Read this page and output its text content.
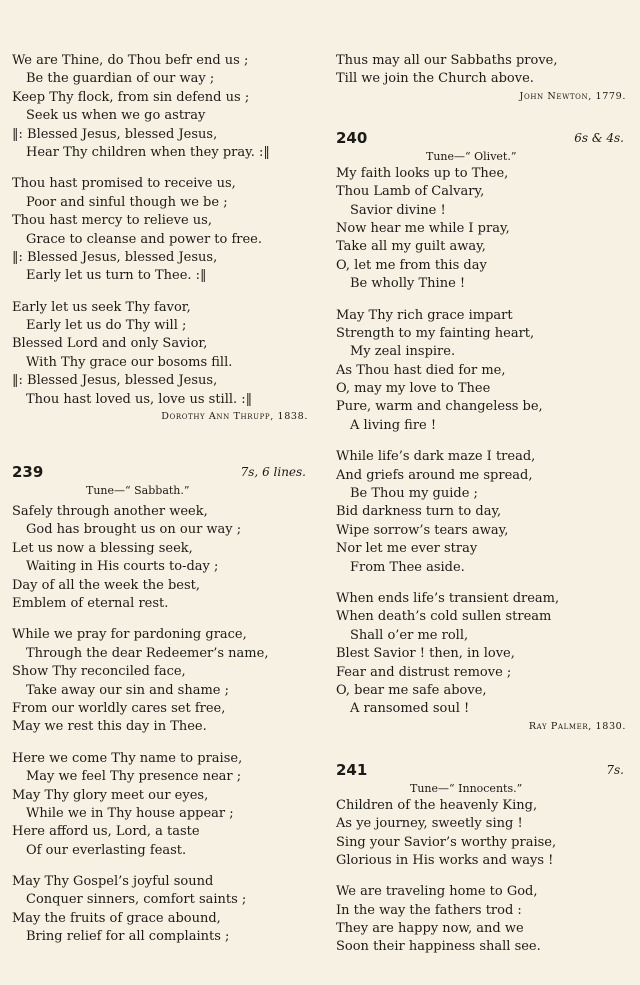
We are Thine, do Thou befr end us ;
Be the guardian of our way ;
Keep Thy flock, from sin defend us ;
Seek us when we go astray
‖: Blessed Jesus, blessed Jesus,
Hear Thy children when they pray. :‖
Thou hast promised to receive us,
Poor and sinful though we be ;
Thou hast mercy to relieve us,
Grace to cleanse and power to free.
‖: Blessed Jesus, blessed Jesus,
Early let us turn to Thee. :‖
Early let us seek Thy favor,
Early let us do Thy will ;
Blessed Lord and only Savior,
With Thy grace our bosoms fill.
‖: Blessed Jesus, blessed Jesus,
Thou hast loved us, love us still. :‖
Dorothy Ann Thrupp, 1838.
239	7s, 6 lines.
Tune—“ Sabbath.”
Safely through another week,
God has brought us on our way ;
Let us now a blessing seek,
Waiting in His courts to-day ;
Day of all the week the best,
Emblem of eternal rest.
While we pray for pardoning grace,
Through the dear Redeemer’s name,
Show Thy reconciled face,
Take away our sin and shame ;
From our worldly cares set free,
May we rest this day in Thee.
Here we come Thy name to praise,
May we feel Thy presence near ;
May Thy glory meet our eyes,
While we in Thy house appear ;
Here afford us, Lord, a taste
Of our everlasting feast.
May Thy Gospel’s joyful sound
Conquer sinners, comfort saints ;
May the fruits of grace abound,
Bring relief for all complaints ;
Thus may all our Sabbaths prove,
Till we join the Church above.
John Newton, 1779.
240	6s & 4s.
Tune—“ Olivet.”
My faith looks up to Thee,
Thou Lamb of Calvary,
Savior divine !
Now hear me while I pray,
Take all my guilt away,
O, let me from this day
Be wholly Thine !
May Thy rich grace impart
Strength to my fainting heart,
My zeal inspire.
As Thou hast died for me,
O, may my love to Thee
Pure, warm and changeless be,
A living fire !
While life’s dark maze I tread,
And griefs around me spread,
Be Thou my guide ;
Bid darkness turn to day,
Wipe sorrow’s tears away,
Nor let me ever stray
From Thee aside.
When ends life’s transient dream,
When death’s cold sullen stream
Shall o’er me roll,
Blest Savior ! then, in love,
Fear and distrust remove ;
O, bear me safe above,
A ransomed soul !
Ray Palmer, 1830.
241	7s.
Tune—“ Innocents.”
Children of the heavenly King,
As ye journey, sweetly sing !
Sing your Savior’s worthy praise,
Glorious in His works and ways !
We are traveling home to God,
In the way the fathers trod :
They are happy now, and we
Soon their happiness shall see.
